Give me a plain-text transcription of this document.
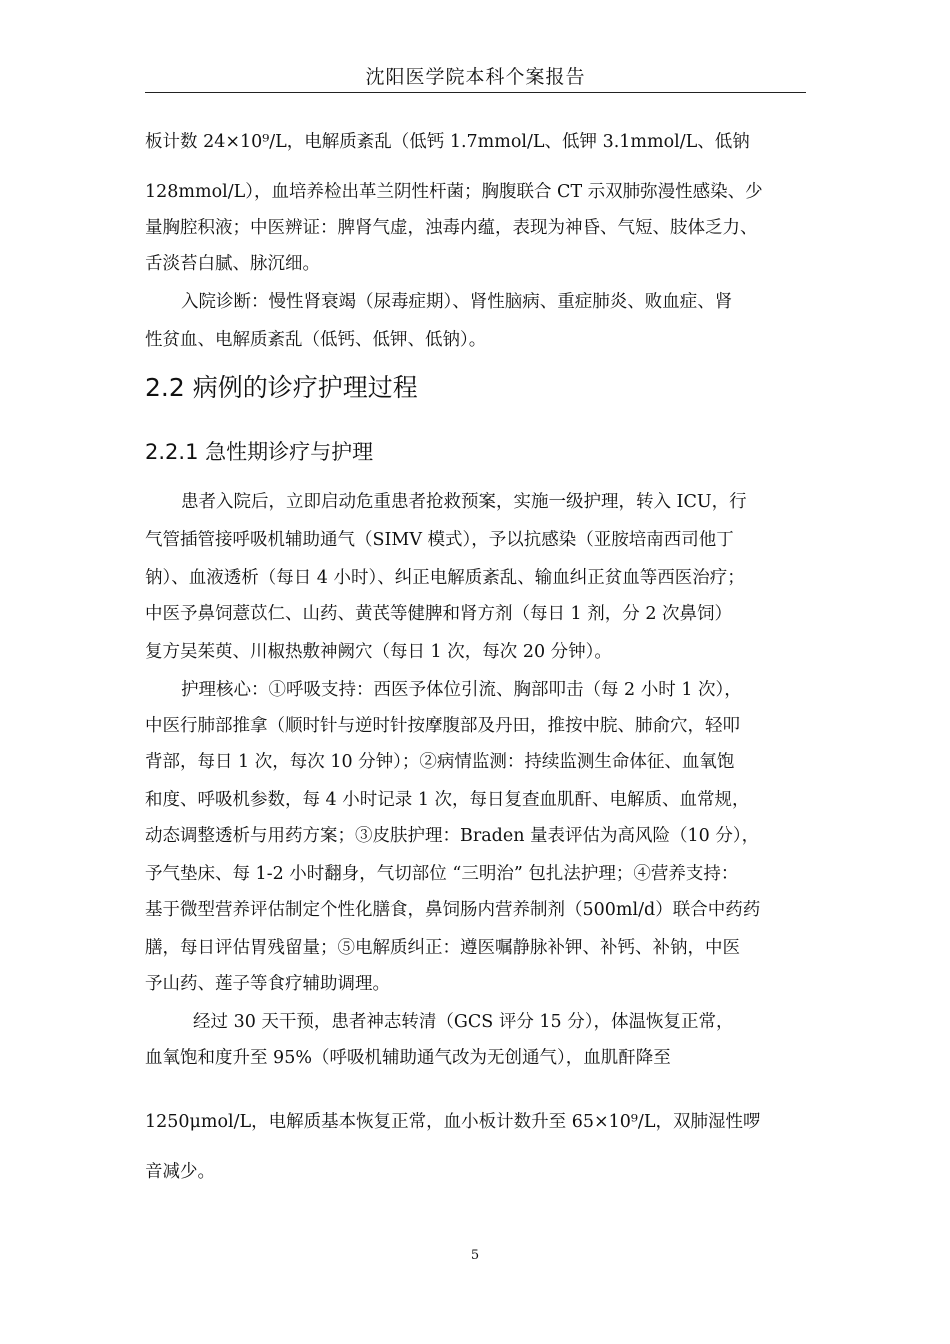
沈阳医学院本科个案报告
板计数 24×10⁹/L，电解质紊乱（低钙 1.7mmol/L、低钾 3.1mmol/L、低钠
128mmol/L），血培养检出革兰阴性杆菌；胸腹联合 CT 示双肺弥漫性感染、少
量胸腔积液；中医辨证：脾肾气虚，浊毒内蕴，表现为神昏、气短、肢体乏力、
舌淡苔白腻、脉沉细。
入院诊断：慢性肾衰竭（尿毒症期）、肾性脑病、重症肺炎、败血症、肾
性贫血、电解质紊乱（低钙、低钾、低钠）。
2.2 病例的诊疗护理过程
2.2.1 急性期诊疗与护理
患者入院后，立即启动危重患者抢救预案，实施一级护理，转入 ICU，行
气管插管接呼吸机辅助通气（SIMV 模式），予以抗感染（亚胺培南西司他丁
钠）、血液透析（每日 4 小时）、纠正电解质紊乱、输血纠正贫血等西医治疗；
中医予鼻饲薏苡仁、山药、黄芪等健脾和肾方剂（每日 1 剂，分 2 次鼻饲）
复方吴茱萸、川椒热敷神阙穴（每日 1 次，每次 20 分钟）。
护理核心：①呼吸支持：西医予体位引流、胸部叩击（每 2 小时 1 次），
中医行肺部推拿（顺时针与逆时针按摩腹部及丹田，推按中脘、肺俞穴，轻叩
背部，每日 1 次，每次 10 分钟）；②病情监测：持续监测生命体征、血氧饱
和度、呼吸机参数，每 4 小时记录 1 次，每日复查血肌酐、电解质、血常规，
动态调整透析与用药方案；③皮肤护理：Braden 量表评估为高风险（10 分），
予气垫床、每 1-2 小时翻身，气切部位 “三明治” 包扎法护理；④营养支持：
基于微型营养评估制定个性化膳食，鼻饲肠内营养制剂（500ml/d）联合中药药
膳，每日评估胃残留量；⑤电解质纠正：遵医嘱静脉补钾、补钙、补钠，中医
予山药、莲子等食疗辅助调理。
经过 30 天干预，患者神志转清（GCS 评分 15 分），体温恢复正常，
血氧饱和度升至 95%（呼吸机辅助通气改为无创通气），血肌酐降至
1250μmol/L，电解质基本恢复正常，血小板计数升至 65×10⁹/L，双肺湿性啰
音减少。
5
